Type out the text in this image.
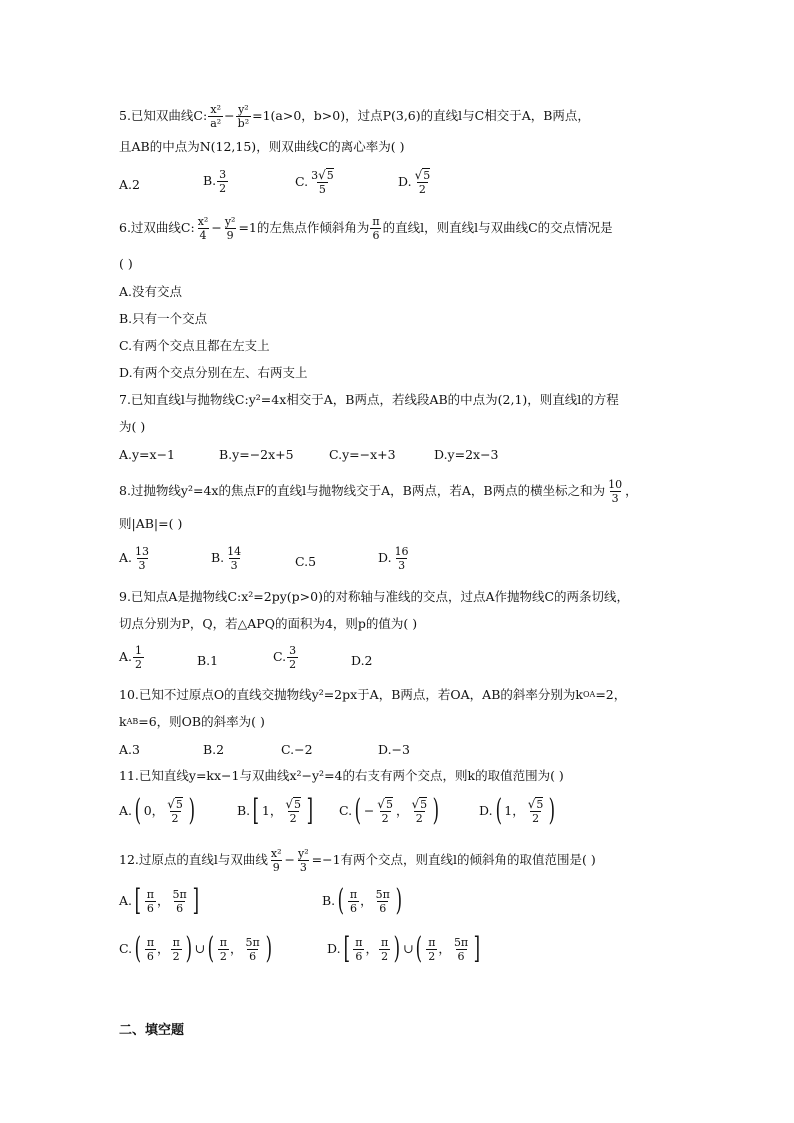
5.已知双曲线C: x²
a²
− $\frac{\text{y²}}{\text{b²}} =1(a>0$，b>0)，过点P(3,6)的直线l与C相交于A，B两点，
且AB的中点为N(12,15)，则双曲线C的离心率为( )
A.2	B. 3
2	C. 3√5
5
D. √5
2
6.过双曲线C: x²
4
− $\frac{\text{y²}}{9} =1$的左焦点作倾斜角为 π
6
的直线l，则直线l与双曲线C的交点情况是
( )
A.没有交点
B.只有一个交点
C.有两个交点且都在左支上
D.有两个交点分别在左、右两支上
7.已知直线l与抛物线C:y²=4x相交于A，B两点，若线段AB的中点为(2,1)，则直线l的方程
为( )
A.y=x−1	B.y=−2x+5	C.y=−x+3	D.y=2x−3
8.过抛物线y²=4x的焦点F的直线l与抛物线交于A，B两点，若A，B两点的横坐标之和为 10
3
，
则|AB|=( )
A. 13
3
B. 14
3	C.5	D. 16
3
9.已知点A是抛物线C:x²=2py(p>0)的对称轴与准线的交点，过点A作抛物线C的两条切线，
切点分别为P，Q，若△APQ的面积为4，则p的值为( )
A. 1
2	B.1	C. 3
2	D.2
10.已知不过原点O的直线交抛物线y²=2px于A，B两点，若OA，AB的斜率分别为k OA =2，
k AB =6，则OB的斜率为( )
A.3	B.2	C.−2	D.−3
11.已知直线y=kx−1与双曲线x²−y²=4的右支有两个交点，则k的取值范围为( )
A. ( 0， √5
2 )	B. [ 1， √5
2 ] C. ( − $\frac{√5}{2}$ ， √5
2 )	D. ( 1， √5
2 )
12.过原点的直线l与双曲线 x²
9
− $\frac{\text{y²}}{3} =-1$有两个交点，则直线l的倾斜角的取值范围是( )
A. [ π
6
， 5π
6 ]	B. ( π
6
， 5π
6 )
C. ( π
6
， π
2 ) ∪ ( π
2
， 5π
6 )	D. [ π
6
， π
2 ) ∪ ( π
2
， 5π
6 ]
二、填空题
